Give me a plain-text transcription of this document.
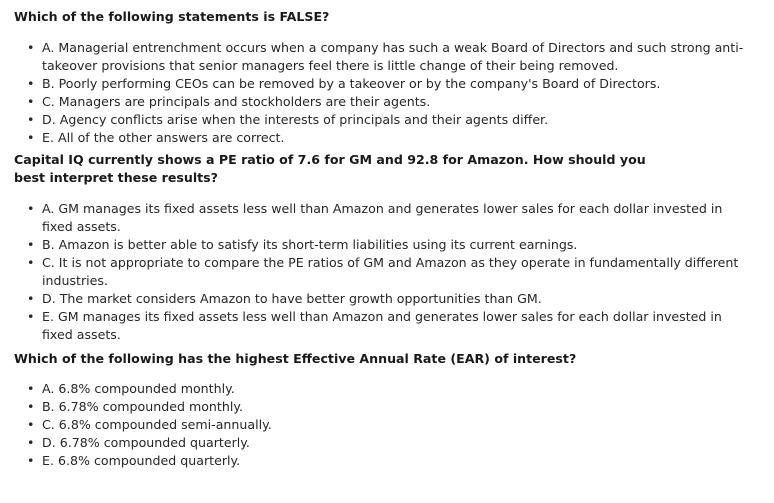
Which of the following statements is FALSE?

• A. Managerial entrenchment occurs when a company has such a weak Board of Directors and such strong anti-takeover provisions that senior managers feel there is little change of their being removed.
• B. Poorly performing CEOs can be removed by a takeover or by the company's Board of Directors.
• C. Managers are principals and stockholders are their agents.
• D. Agency conflicts arise when the interests of principals and their agents differ.
• E. All of the other answers are correct.

Capital IQ currently shows a PE ratio of 7.6 for GM and 92.8 for Amazon. How should you best interpret these results?

• A. GM manages its fixed assets less well than Amazon and generates lower sales for each dollar invested in fixed assets.
• B. Amazon is better able to satisfy its short-term liabilities using its current earnings.
• C. It is not appropriate to compare the PE ratios of GM and Amazon as they operate in fundamentally different industries.
• D. The market considers Amazon to have better growth opportunities than GM.
• E. GM manages its fixed assets less well than Amazon and generates lower sales for each dollar invested in fixed assets.

Which of the following has the highest Effective Annual Rate (EAR) of interest?

• A. 6.8% compounded monthly.
• B. 6.78% compounded monthly.
• C. 6.8% compounded semi-annually.
• D. 6.78% compounded quarterly.
• E. 6.8% compounded quarterly.
